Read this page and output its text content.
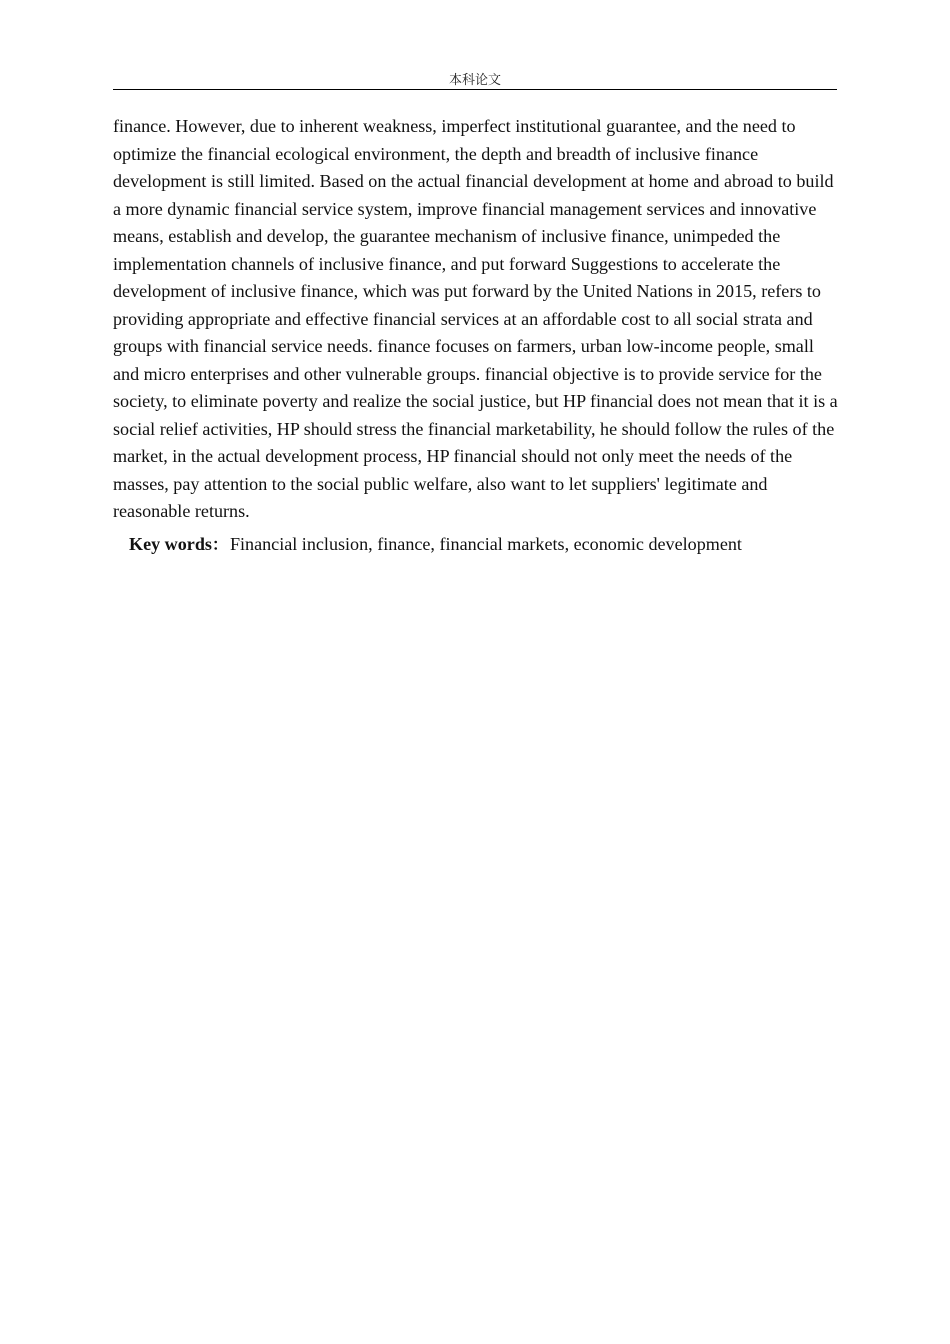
本科论文

finance. However, due to inherent weakness, imperfect institutional guarantee, and the need to optimize the financial ecological environment, the depth and breadth of inclusive finance development is still limited. Based on the actual financial development at home and abroad to build a more dynamic financial service system, improve financial management services and innovative means, establish and develop, the guarantee mechanism of inclusive finance, unimpeded the implementation channels of inclusive finance, and put forward Suggestions to accelerate the development of inclusive finance, which was put forward by the United Nations in 2015, refers to providing appropriate and effective financial services at an affordable cost to all social strata and groups with financial service needs. finance focuses on farmers, urban low-income people, small and micro enterprises and other vulnerable groups. financial objective is to provide service for the society, to eliminate poverty and realize the social justice, but HP financial does not mean that it is a social relief activities, HP should stress the financial marketability, he should follow the rules of the market, in the actual development process, HP financial should not only meet the needs of the masses, pay attention to the social public welfare, also want to let suppliers' legitimate and reasonable returns.

Key words： Financial inclusion, finance, financial markets, economic development
